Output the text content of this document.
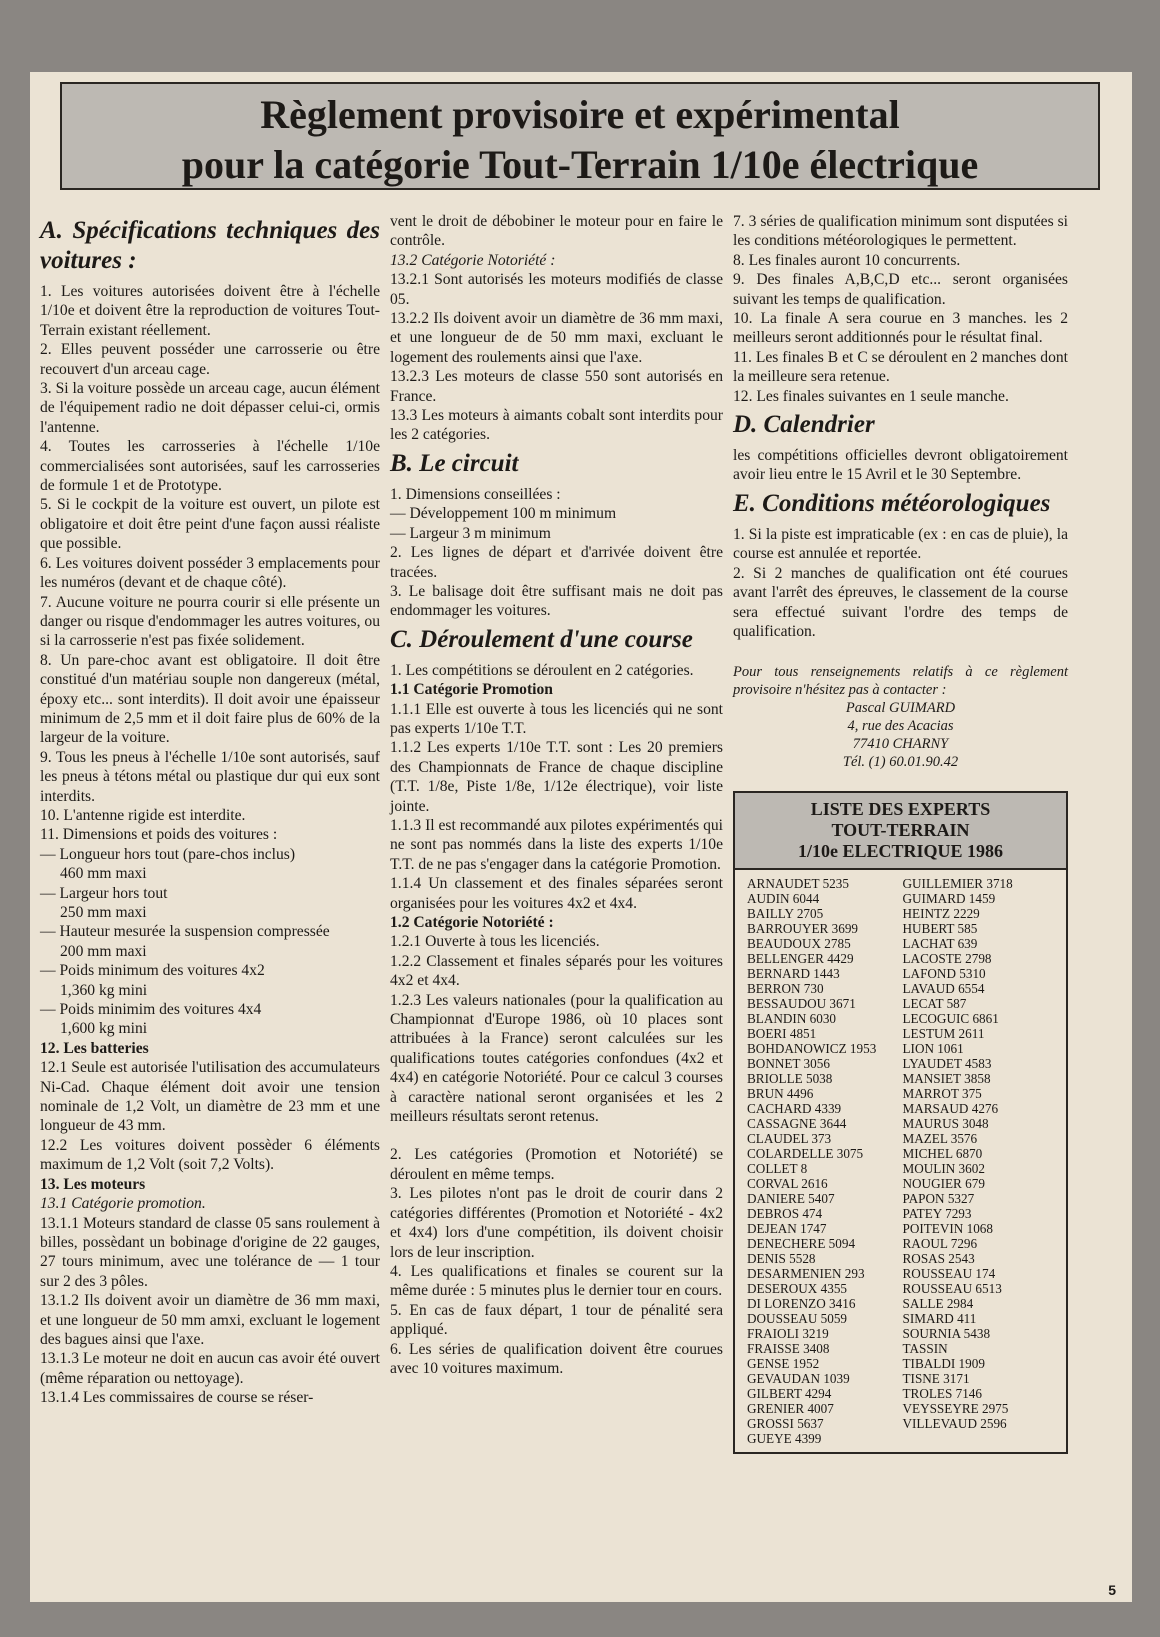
Règlement provisoire et expérimental
pour la catégorie Tout-Terrain 1/10e électrique
A. Spécifications techniques des voitures :

1. Les voitures autorisées doivent être à l'échelle 1/10e et doivent être la reproduction de voitures Tout-Terrain existant réellement.

2. Elles peuvent posséder une carrosserie ou être recouvert d'un arceau cage.

3. Si la voiture possède un arceau cage, aucun élément de l'équipement radio ne doit dépasser celui-ci, ormis l'antenne.

4. Toutes les carrosseries à l'échelle 1/10e commercialisées sont autorisées, sauf les carrosseries de formule 1 et de Prototype.

5. Si le cockpit de la voiture est ouvert, un pilote est obligatoire et doit être peint d'une façon aussi réaliste que possible.

6. Les voitures doivent posséder 3 emplacements pour les numéros (devant et de chaque côté).

7. Aucune voiture ne pourra courir si elle présente un danger ou risque d'endommager les autres voitures, ou si la carrosserie n'est pas fixée solidement.

8. Un pare-choc avant est obligatoire. Il doit être constitué d'un matériau souple non dangereux (métal, époxy etc... sont interdits). Il doit avoir une épaisseur minimum de 2,5 mm et il doit faire plus de 60% de la largeur de la voiture.

9. Tous les pneus à l'échelle 1/10e sont autorisés, sauf les pneus à tétons métal ou plastique dur qui eux sont interdits.

10. L'antenne rigide est interdite.

11. Dimensions et poids des voitures :

— Longueur hors tout (pare-chos inclus)

460 mm maxi

— Largeur hors tout

250 mm maxi

— Hauteur mesurée la suspension compressée

200 mm maxi

— Poids minimum des voitures 4x2

1,360 kg mini

— Poids minimim des voitures 4x4

1,600 kg mini

12. Les batteries

12.1 Seule est autorisée l'utilisation des accumulateurs Ni-Cad. Chaque élément doit avoir une tension nominale de 1,2 Volt, un diamètre de 23 mm et une longueur de 43 mm.

12.2 Les voitures doivent possèder 6 éléments maximum de 1,2 Volt (soit 7,2 Volts).

13. Les moteurs

13.1 Catégorie promotion.

13.1.1 Moteurs standard de classe 05 sans roulement à billes, possèdant un bobinage d'origine de 22 gauges, 27 tours minimum, avec une tolérance de — 1 tour sur 2 des 3 pôles.

13.1.2 Ils doivent avoir un diamètre de 36 mm maxi, et une longueur de 50 mm amxi, excluant le logement des bagues ainsi que l'axe.

13.1.3 Le moteur ne doit en aucun cas avoir été ouvert (même réparation ou nettoyage).

13.1.4 Les commissaires de course se réser-

vent le droit de débobiner le moteur pour en faire le contrôle.

13.2 Catégorie Notoriété :

13.2.1 Sont autorisés les moteurs modifiés de classe 05.

13.2.2 Ils doivent avoir un diamètre de 36 mm maxi, et une longueur de de 50 mm maxi, excluant le logement des roulements ainsi que l'axe.

13.2.3 Les moteurs de classe 550 sont autorisés en France.

13.3 Les moteurs à aimants cobalt sont interdits pour les 2 catégories.

B. Le circuit

1. Dimensions conseillées :

— Développement 100 m minimum

— Largeur 3 m minimum

2. Les lignes de départ et d'arrivée doivent être tracées.

3. Le balisage doit être suffisant mais ne doit pas endommager les voitures.

C. Déroulement d'une course

1. Les compétitions se déroulent en 2 catégories.

1.1 Catégorie Promotion

1.1.1 Elle est ouverte à tous les licenciés qui ne sont pas experts 1/10e T.T.

1.1.2 Les experts 1/10e T.T. sont : Les 20 premiers des Championnats de France de chaque discipline (T.T. 1/8e, Piste 1/8e, 1/12e électrique), voir liste jointe.

1.1.3 Il est recommandé aux pilotes expérimentés qui ne sont pas nommés dans la liste des experts 1/10e T.T. de ne pas s'engager dans la catégorie Promotion.

1.1.4 Un classement et des finales séparées seront organisées pour les voitures 4x2 et 4x4.

1.2 Catégorie Notoriété :

1.2.1 Ouverte à tous les licenciés.

1.2.2 Classement et finales séparés pour les voitures 4x2 et 4x4.

1.2.3 Les valeurs nationales (pour la qualification au Championnat d'Europe 1986, où 10 places sont attribuées à la France) seront calculées sur les qualifications toutes catégories confondues (4x2 et 4x4) en catégorie Notoriété. Pour ce calcul 3 courses à caractère national seront organisées et les 2 meilleurs résultats seront retenus.

2. Les catégories (Promotion et Notoriété) se déroulent en même temps.

3. Les pilotes n'ont pas le droit de courir dans 2 catégories différentes (Promotion et Notoriété - 4x2 et 4x4) lors d'une compétition, ils doivent choisir lors de leur inscription.

4. Les qualifications et finales se courent sur la même durée : 5 minutes plus le dernier tour en cours.

5. En cas de faux départ, 1 tour de pénalité sera appliqué.

6. Les séries de qualification doivent être courues avec 10 voitures maximum.

7. 3 séries de qualification minimum sont disputées si les conditions météorologiques le permettent.

8. Les finales auront 10 concurrents.

9. Des finales A,B,C,D etc... seront organisées suivant les temps de qualification.

10. La finale A sera courue en 3 manches. les 2 meilleurs seront additionnés pour le résultat final.

11. Les finales B et C se déroulent en 2 manches dont la meilleure sera retenue.

12. Les finales suivantes en 1 seule manche.

D. Calendrier

les compétitions officielles devront obligatoirement avoir lieu entre le 15 Avril et le 30 Septembre.

E. Conditions météorologiques

1. Si la piste est impraticable (ex : en cas de pluie), la course est annulée et reportée.

2. Si 2 manches de qualification ont été courues avant l'arrêt des épreuves, le classement de la course sera effectué suivant l'ordre des temps de qualification.

Pour tous renseignements relatifs à ce règlement provisoire n'hésitez pas à contacter :

Pascal GUIMARD
4, rue des Acacias
77410 CHARNY
Tél. (1) 60.01.90.42
LISTE DES EXPERTS
TOUT-TERRAIN
1/10e ELECTRIQUE 1986
ARNAUDET 5235
AUDIN 6044
BAILLY 2705
BARROUYER 3699
BEAUDOUX 2785
BELLENGER 4429
BERNARD 1443
BERRON 730
BESSAUDOU 3671
BLANDIN 6030
BOERI 4851
BOHDANOWICZ 1953
BONNET 3056
BRIOLLE 5038
BRUN 4496
CACHARD 4339
CASSAGNE 3644
CLAUDEL 373
COLARDELLE 3075
COLLET 8
CORVAL 2616
DANIERE 5407
DEBROS 474
DEJEAN 1747
DENECHERE 5094
DENIS 5528
DESARMENIEN 293
DESEROUX 4355
DI LORENZO 3416
DOUSSEAU 5059
FRAIOLI 3219
FRAISSE 3408
GENSE 1952
GEVAUDAN 1039
GILBERT 4294
GRENIER 4007
GROSSI 5637
GUEYE 4399
GUILLEMIER 3718
GUIMARD 1459
HEINTZ 2229
HUBERT 585
LACHAT 639
LACOSTE 2798
LAFOND 5310
LAVAUD 6554
LECAT 587
LECOGUIC 6861
LESTUM 2611
LION 1061
LYAUDET 4583
MANSIET 3858
MARROT 375
MARSAUD 4276
MAURUS 3048
MAZEL 3576
MICHEL 6870
MOULIN 3602
NOUGIER 679
PAPON 5327
PATEY 7293
POITEVIN 1068
RAOUL 7296
ROSAS 2543
ROUSSEAU 174
ROUSSEAU 6513
SALLE 2984
SIMARD 411
SOURNIA 5438
TASSIN
TIBALDI 1909
TISNE 3171
TROLES 7146
VEYSSEYRE 2975
VILLEVAUD 2596
5
